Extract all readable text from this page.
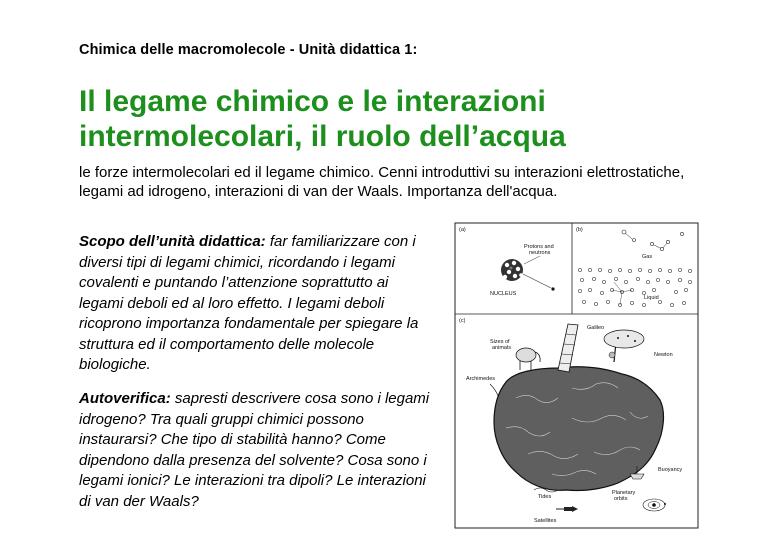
Chimica delle macromolecole - Unità didattica 1:
Il legame chimico e le interazioni
intermolecolari, il ruolo dell’acqua
le forze intermolecolari ed il legame chimico. Cenni introduttivi su interazioni elettrostatiche, legami ad idrogeno, interazioni di van der Waals. Importanza dell'acqua.
Scopo dell’unità didattica: far familiarizzare con i diversi tipi di legami chimici, ricordando i legami covalenti e puntando l’attenzione soprattutto ai legami deboli ed al loro effetto. I legami deboli ricoprono importanza fondamentale per spiegare la struttura ed il comportamento delle molecole biologiche.
Autoverifica: sapresti descrivere cosa sono i legami idrogeno? Tra quali gruppi chimici possono instaurarsi? Che tipo di stabilità hanno? Come dipendono dalla presenza del solvente? Cosa sono i legami ionici? Le interazioni tra dipoli? Le interazioni di van der Waals?
(a)	(b)
(c)
Protons and
neutrons
NUCLEUS
Gas
Liquid
Galileo
Sizes of
animals
Newton
Archimedes
Buoyancy
Tides
Satellites
Planetary
orbits
